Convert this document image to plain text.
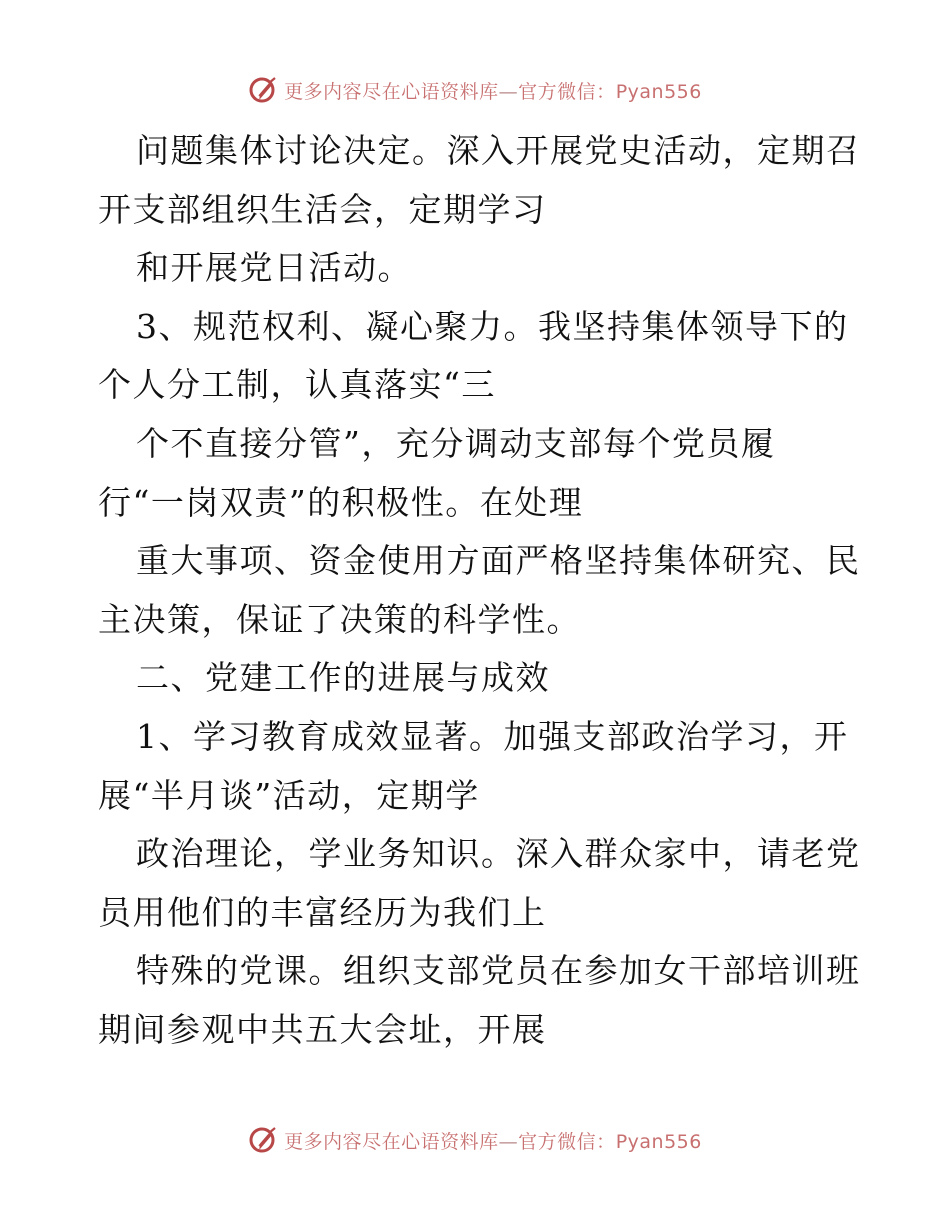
更多内容尽在心语资料库—官方微信：Pyan556
问题集体讨论决定。深入开展党史活动，定期召
开支部组织生活会，定期学习
和开展党日活动。
3、规范权利、凝心聚力。我坚持集体领导下的
个人分工制，认真落实“三
个不直接分管”，充分调动支部每个党员履
行“一岗双责”的积极性。在处理
重大事项、资金使用方面严格坚持集体研究、民
主决策，保证了决策的科学性。
二、党建工作的进展与成效
1、学习教育成效显著。加强支部政治学习，开
展“半月谈”活动，定期学
政治理论，学业务知识。深入群众家中，请老党
员用他们的丰富经历为我们上
特殊的党课。组织支部党员在参加女干部培训班
期间参观中共五大会址，开展
更多内容尽在心语资料库—官方微信：Pyan556
